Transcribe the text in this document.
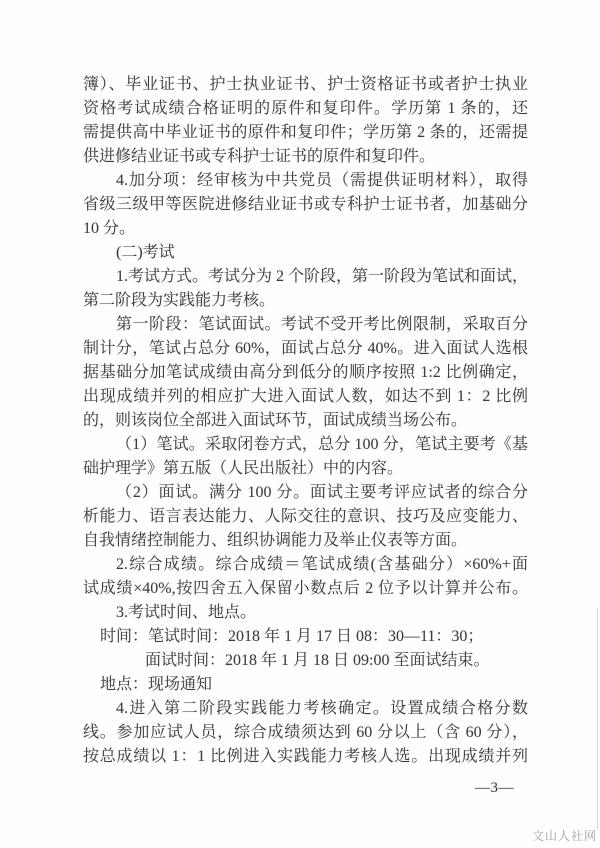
簿）、毕业证书、护士执业证书、护士资格证书或者护士执业
资格考试成绩合格证明的原件和复印件。学历第 1 条的，还
需提供高中毕业证书的原件和复印件；学历第 2 条的，还需提
供进修结业证书或专科护士证书的原件和复印件。
4.加分项：经审核为中共党员（需提供证明材料），取得
省级三级甲等医院进修结业证书或专科护士证书者，加基础分
10 分。
(二)考试
1.考试方式。考试分为 2 个阶段，第一阶段为笔试和面试，
第二阶段为实践能力考核。
第一阶段：笔试面试。考试不受开考比例限制，采取百分
制计分，笔试占总分 60%，面试占总分 40%。进入面试人选根
据基础分加笔试成绩由高分到低分的顺序按照 1:2 比例确定，
出现成绩并列的相应扩大进入面试人数，如达不到 1：2 比例
的，则该岗位全部进入面试环节，面试成绩当场公布。
（1）笔试。采取闭卷方式，总分 100 分，笔试主要考《基
础护理学》第五版（人民出版社）中的内容。
（2）面试。满分 100 分。面试主要考评应试者的综合分
析能力、语言表达能力、人际交往的意识、技巧及应变能力、
自我情绪控制能力、组织协调能力及举止仪表等方面。
2.综合成绩。综合成绩＝笔试成绩(含基础分）×60%+面
试成绩×40%,按四舍五入保留小数点后 2 位予以计算并公布。
3.考试时间、地点。
时间：笔试时间：2018 年 1 月 17 日 08：30—11：30；
面试时间：2018 年 1 月 18 日 09:00 至面试结束。
地点：现场通知
4.进入第二阶段实践能力考核确定。设置成绩合格分数
线。参加应试人员，综合成绩须达到 60 分以上（含 60 分），
按总成绩以 1：1 比例进入实践能力考核人选。出现成绩并列
—3—
文山人社网
